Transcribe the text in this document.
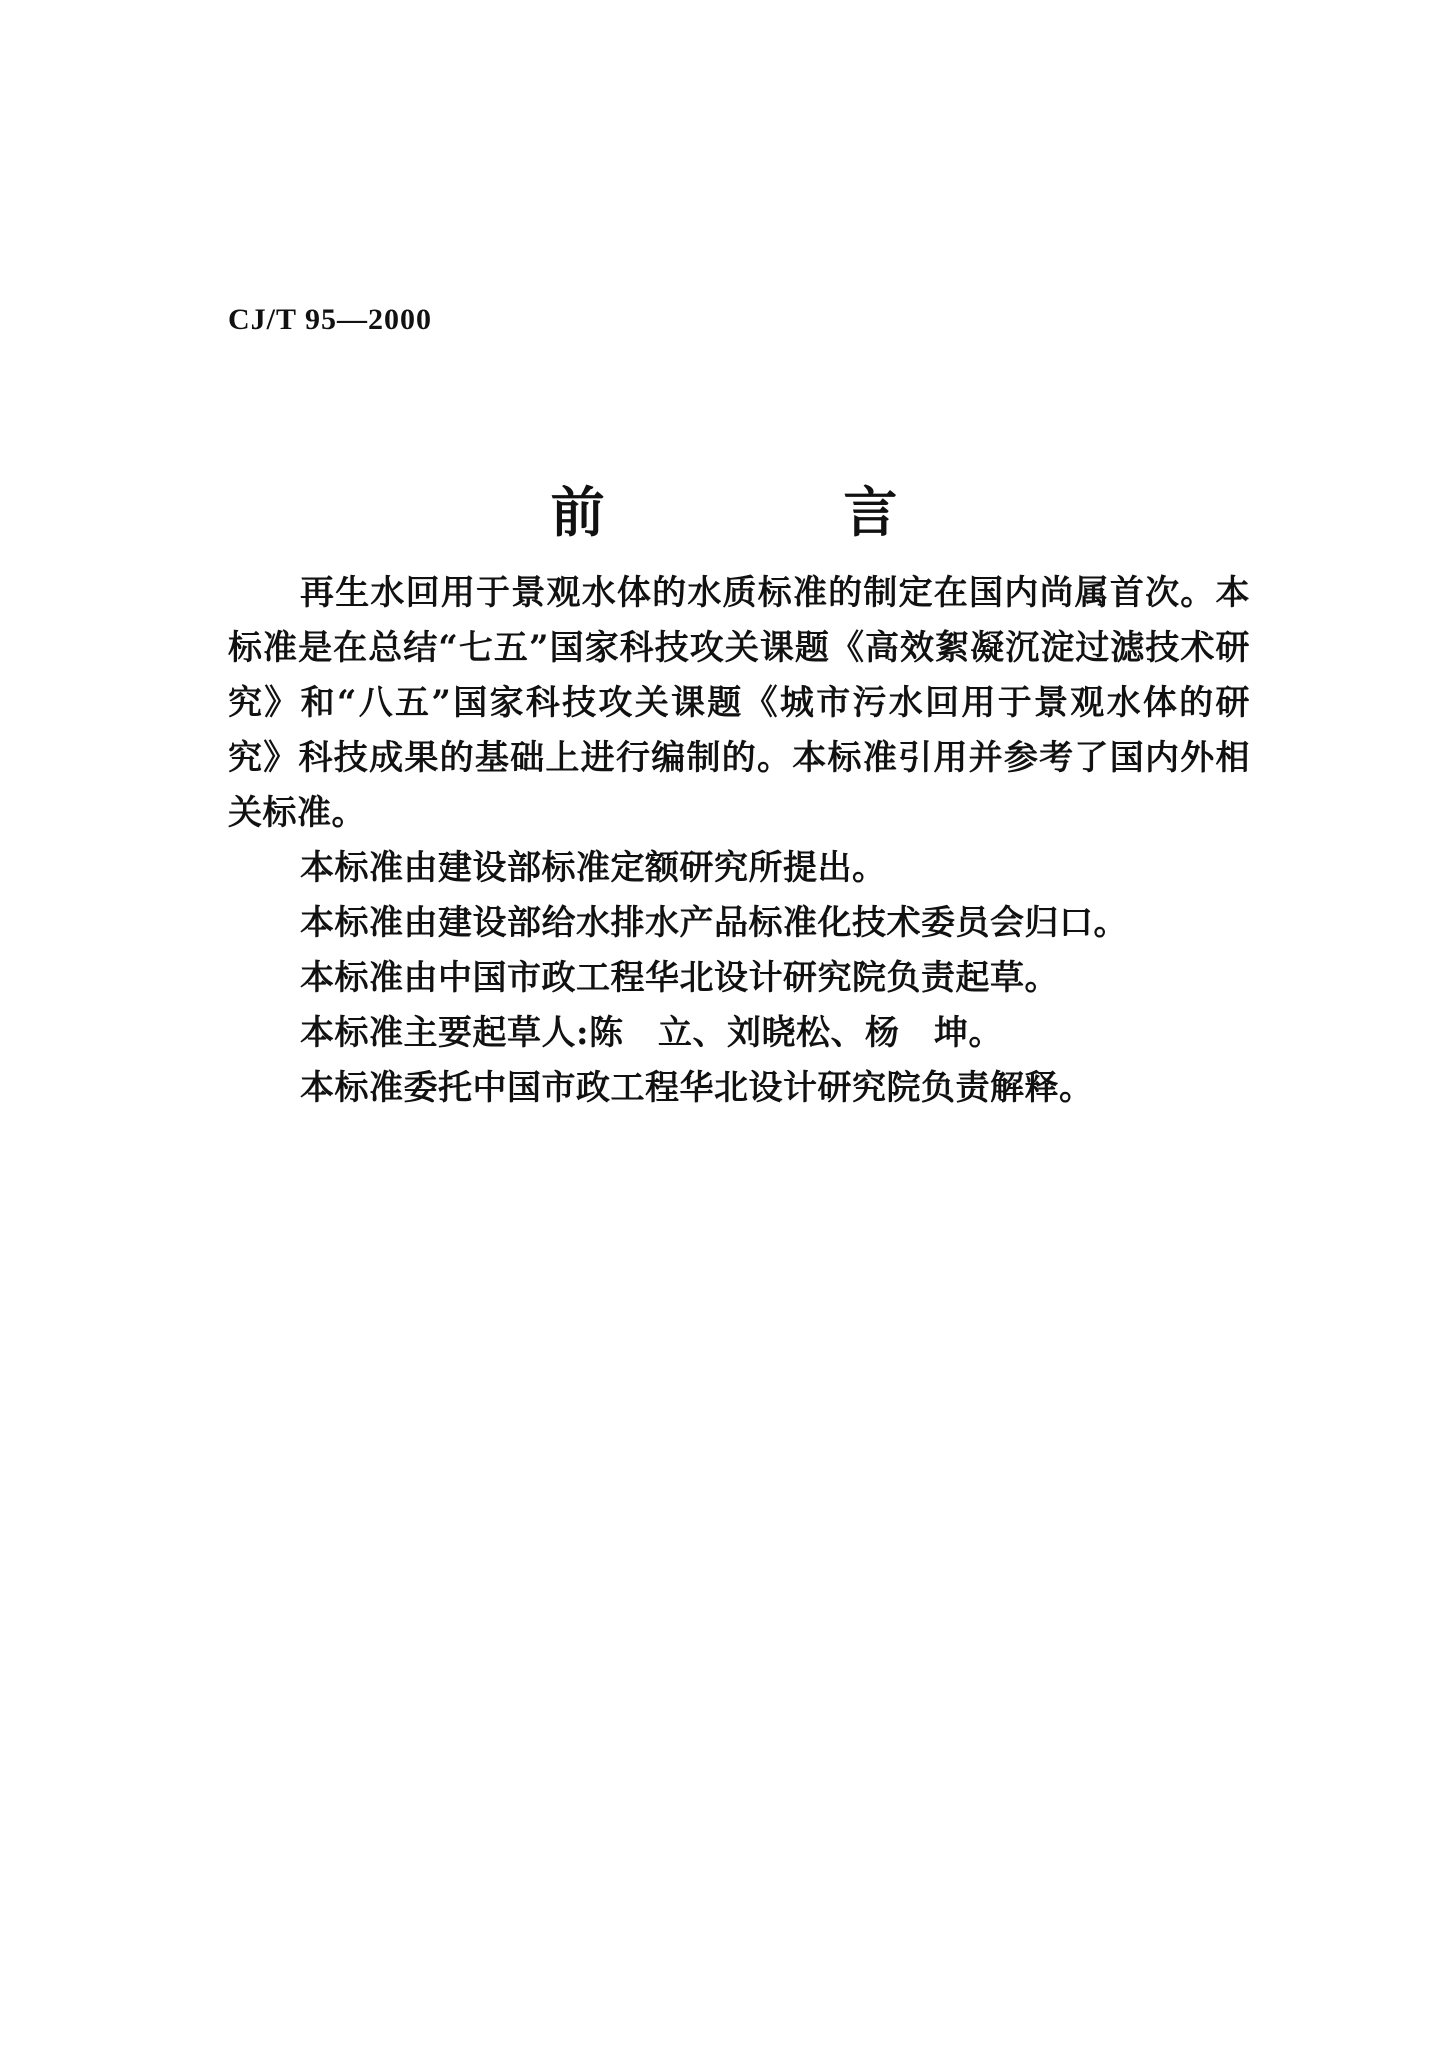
CJ/T 95—2000
前 言

再生水回用于景观水体的水质标准的制定在国内尚属首次。本标准是在总结“七五”国家科技攻关课题《高效絮凝沉淀过滤技术研究》和“八五”国家科技攻关课题《城市污水回用于景观水体的研究》科技成果的基础上进行编制的。本标准引用并参考了国内外相关标准。

本标准由建设部标准定额研究所提出。

本标准由建设部给水排水产品标准化技术委员会归口。

本标准由中国市政工程华北设计研究院负责起草。

本标准主要起草人:陈　立、刘晓松、杨　坤。

本标准委托中国市政工程华北设计研究院负责解释。
